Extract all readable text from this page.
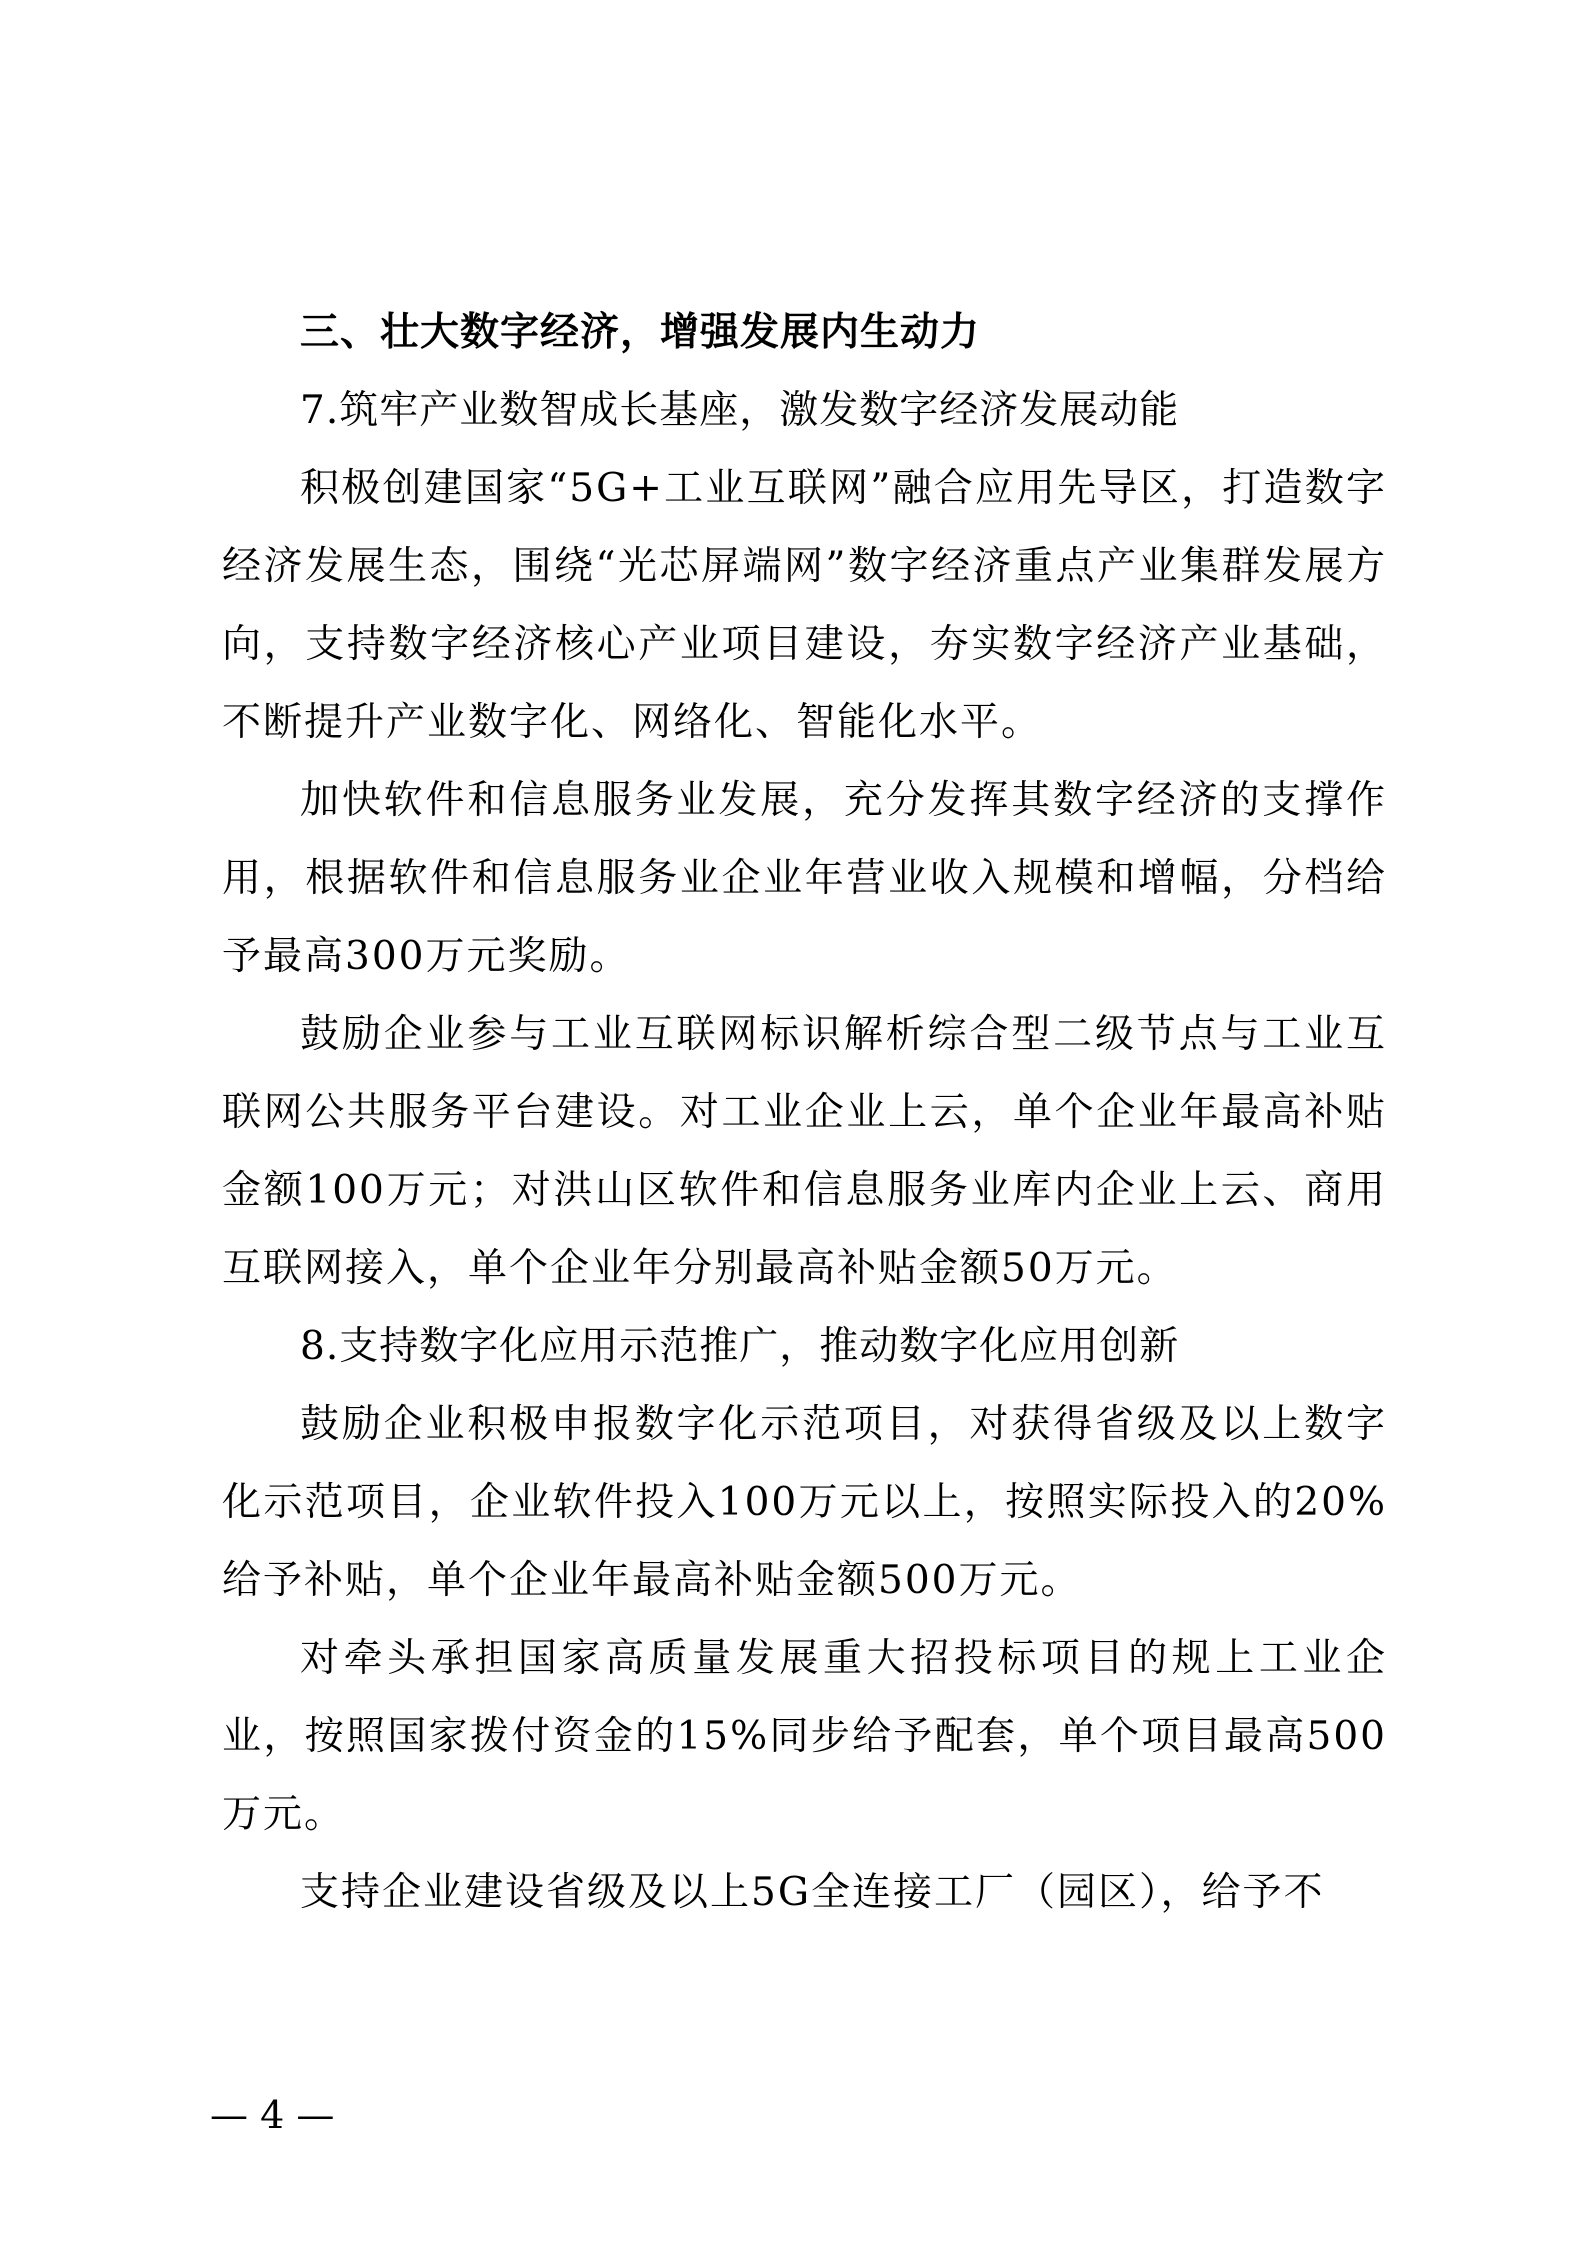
三、壮大数字经济，增强发展内生动力

7.筑牢产业数智成长基座，激发数字经济发展动能

积极创建国家“5G+工业互联网”融合应用先导区，打造数字经济发展生态，围绕“光芯屏端网”数字经济重点产业集群发展方向，支持数字经济核心产业项目建设，夯实数字经济产业基础，不断提升产业数字化、网络化、智能化水平。

加快软件和信息服务业发展，充分发挥其数字经济的支撑作用，根据软件和信息服务业企业年营业收入规模和增幅，分档给予最高300万元奖励。

鼓励企业参与工业互联网标识解析综合型二级节点与工业互联网公共服务平台建设。对工业企业上云，单个企业年最高补贴金额100万元；对洪山区软件和信息服务业库内企业上云、商用互联网接入，单个企业年分别最高补贴金额50万元。

8.支持数字化应用示范推广，推动数字化应用创新

鼓励企业积极申报数字化示范项目，对获得省级及以上数字化示范项目，企业软件投入100万元以上，按照实际投入的20%给予补贴，单个企业年最高补贴金额500万元。

对牵头承担国家高质量发展重大招投标项目的规上工业企业，按照国家拨付资金的15%同步给予配套，单个项目最高500万元。

支持企业建设省级及以上5G全连接工厂（园区），给予不

— 4 —
